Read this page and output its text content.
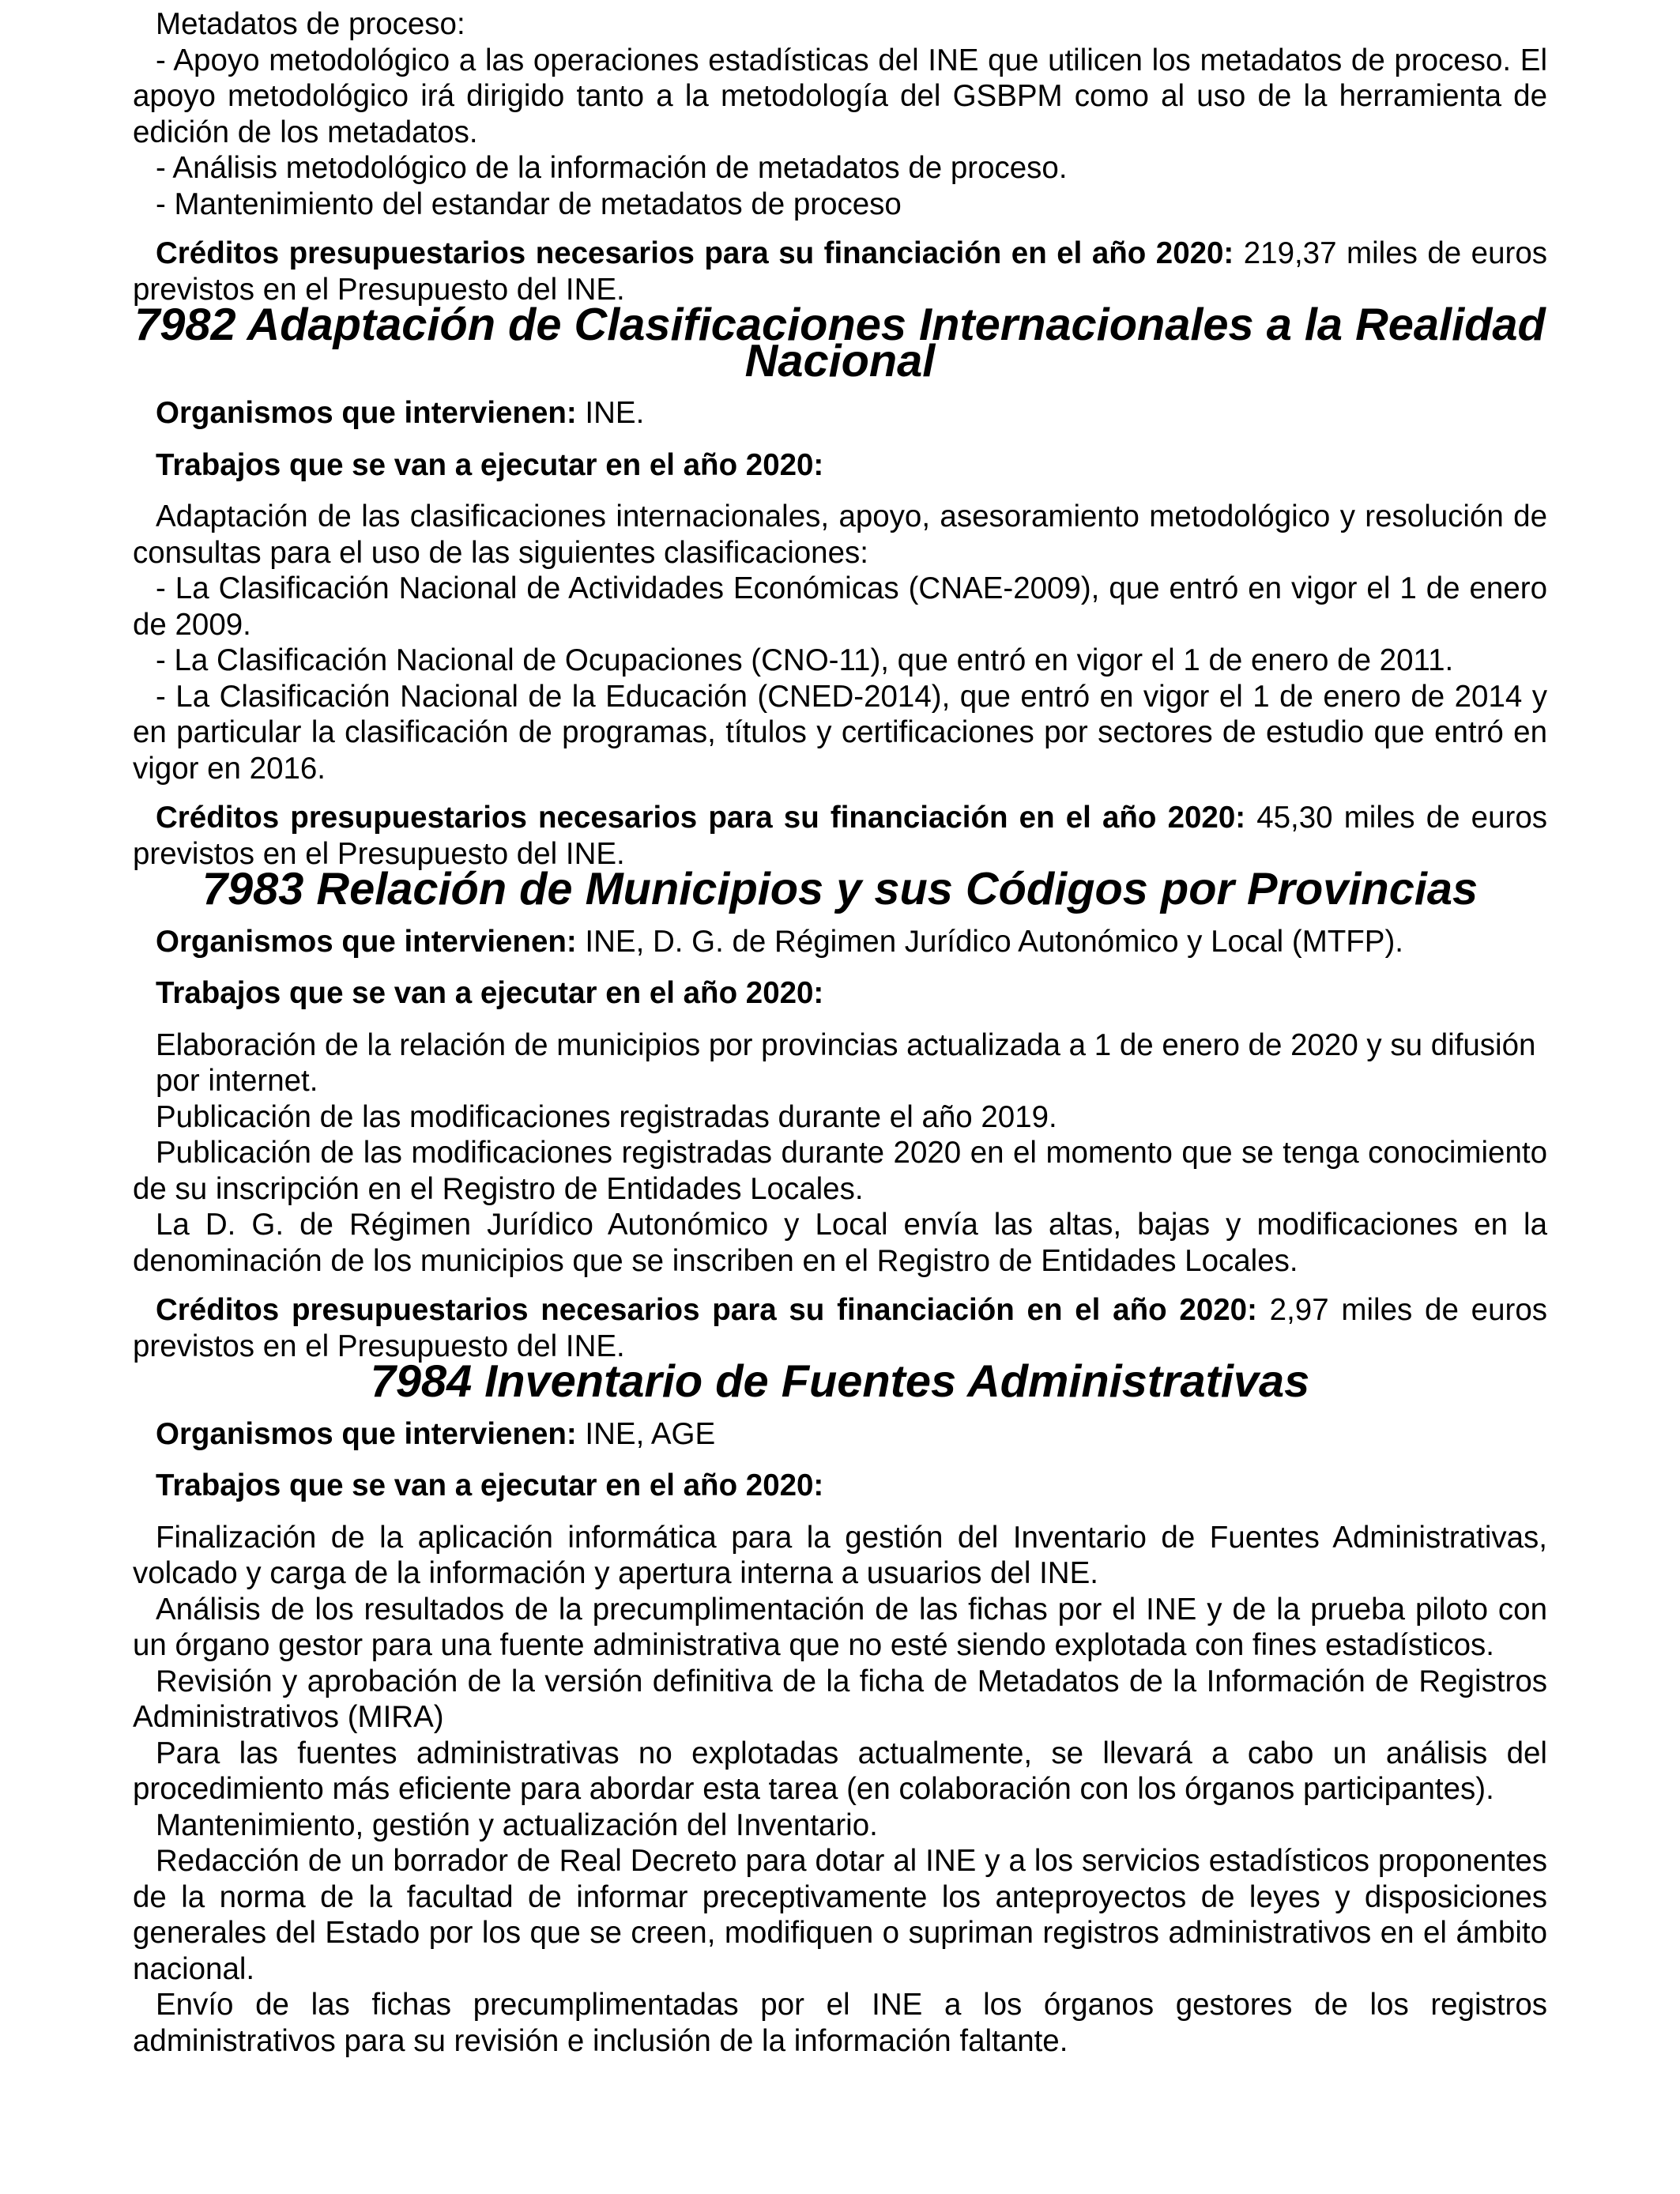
Metadatos de proceso:

- Apoyo metodológico a las operaciones estadísticas del INE que utilicen los metadatos de proceso. El apoyo metodológico irá dirigido tanto a la metodología del GSBPM como al uso de la herramienta de edición de los metadatos.

- Análisis metodológico de la información de metadatos de proceso.

- Mantenimiento del estandar de metadatos de proceso

Créditos presupuestarios necesarios para su financiación en el año 2020: 219,37 miles de euros previstos en el Presupuesto del INE.

7982 Adaptación de Clasificaciones Internacionales a la Realidad Nacional

Organismos que intervienen: INE.

Trabajos que se van a ejecutar en el año 2020:

Adaptación de las clasificaciones internacionales, apoyo, asesoramiento metodológico y resolución de consultas para el uso de las siguientes clasificaciones:

- La Clasificación Nacional de Actividades Económicas (CNAE-2009), que entró en vigor el 1 de enero de 2009.

- La Clasificación Nacional de Ocupaciones (CNO-11), que entró en vigor el 1 de enero de 2011.

- La Clasificación Nacional de la Educación (CNED-2014), que entró en vigor el 1 de enero de 2014 y en particular la clasificación de programas, títulos y certificaciones por sectores de estudio que entró en vigor en 2016.

Créditos presupuestarios necesarios para su financiación en el año 2020: 45,30 miles de euros previstos en el Presupuesto del INE.

7983 Relación de Municipios y sus Códigos por Provincias

Organismos que intervienen: INE, D. G. de Régimen Jurídico Autonómico y Local (MTFP).

Trabajos que se van a ejecutar en el año 2020:

Elaboración de la relación de municipios por provincias actualizada a 1 de enero de 2020 y su difusión por internet.

Publicación de las modificaciones registradas durante el año 2019.

Publicación de las modificaciones registradas durante 2020 en el momento que se tenga conocimiento de su inscripción en el Registro de Entidades Locales.

La D. G. de Régimen Jurídico Autonómico y Local envía las altas, bajas y modificaciones en la denominación de los municipios que se inscriben en el Registro de Entidades Locales.

Créditos presupuestarios necesarios para su financiación en el año 2020: 2,97 miles de euros previstos en el Presupuesto del INE.

7984 Inventario de Fuentes Administrativas

Organismos que intervienen: INE, AGE

Trabajos que se van a ejecutar en el año 2020:

Finalización de la aplicación informática para la gestión del Inventario de Fuentes Administrativas, volcado y carga de la información y apertura interna a usuarios del INE.

Análisis de los resultados de la precumplimentación de las fichas por el INE y de la prueba piloto con un órgano gestor para una fuente administrativa que no esté siendo explotada con fines estadísticos.

Revisión y aprobación de la versión definitiva de la ficha de Metadatos de la Información de Registros Administrativos (MIRA)

Para las fuentes administrativas no explotadas actualmente, se llevará a cabo un análisis del procedimiento más eficiente para abordar esta tarea (en colaboración con los órganos participantes).

Mantenimiento, gestión y actualización del Inventario.

Redacción de un borrador de Real Decreto para dotar al INE y a los servicios estadísticos proponentes de la norma de la facultad de informar preceptivamente los anteproyectos de leyes y disposiciones generales del Estado por los que se creen, modifiquen o supriman registros administrativos en el ámbito nacional.

Envío de las fichas precumplimentadas por el INE a los órganos gestores de los registros administrativos para su revisión e inclusión de la información faltante.
